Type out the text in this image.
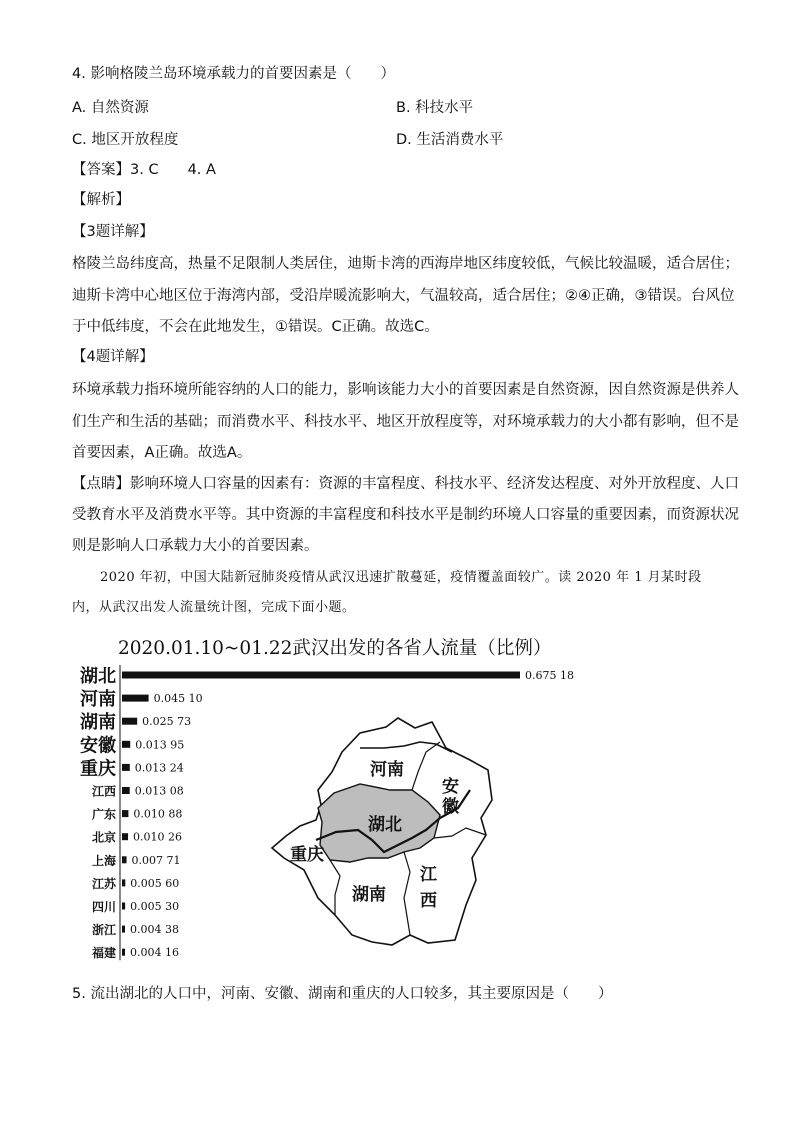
4. 影响格陵兰岛环境承载力的首要因素是（　　）
A. 自然资源	B. 科技水平
C. 地区开放程度	D. 生活消费水平
【答案】3. C　　4. A
【解析】
【3题详解】
格陵兰岛纬度高，热量不足限制人类居住，迪斯卡湾的西海岸地区纬度较低，气候比较温暖，适合居住；
迪斯卡湾中心地区位于海湾内部，受沿岸暖流影响大，气温较高，适合居住；②④正确，③错误。台风位
于中低纬度，不会在此地发生，①错误。C正确。故选C。
【4题详解】
环境承载力指环境所能容纳的人口的能力，影响该能力大小的首要因素是自然资源，因自然资源是供养人
们生产和生活的基础；而消费水平、科技水平、地区开放程度等，对环境承载力的大小都有影响，但不是
首要因素，A正确。故选A。
【点睛】影响环境人口容量的因素有：资源的丰富程度、科技水平、经济发达程度、对外开放程度、人口
受教育水平及消费水平等。其中资源的丰富程度和科技水平是制约环境人口容量的重要因素，而资源状况
则是影响人口承载力大小的首要因素。
2020 年初，中国大陆新冠肺炎疫情从武汉迅速扩散蔓延，疫情覆盖面较广。读 2020 年 1 月某时段
内，从武汉出发人流量统计图，完成下面小题。
2020.01.10~01.22武汉出发的各省人流量（比例）
河南
安
徽
湖北
重庆
江
西
湖南
湖北	0.675 18
河南	0.045 10
湖南 0.025 73
安徽 0.013 95
重庆 0.013 24
江西 0.013 08
广东 0.010 88
北京 0.010 26
上海 0.007 71
江苏 0.005 60
四川 0.005 30
浙江 0.004 38
福建 0.004 16
5. 流出湖北的人口中，河南、安徽、湖南和重庆的人口较多，其主要原因是（　　）
